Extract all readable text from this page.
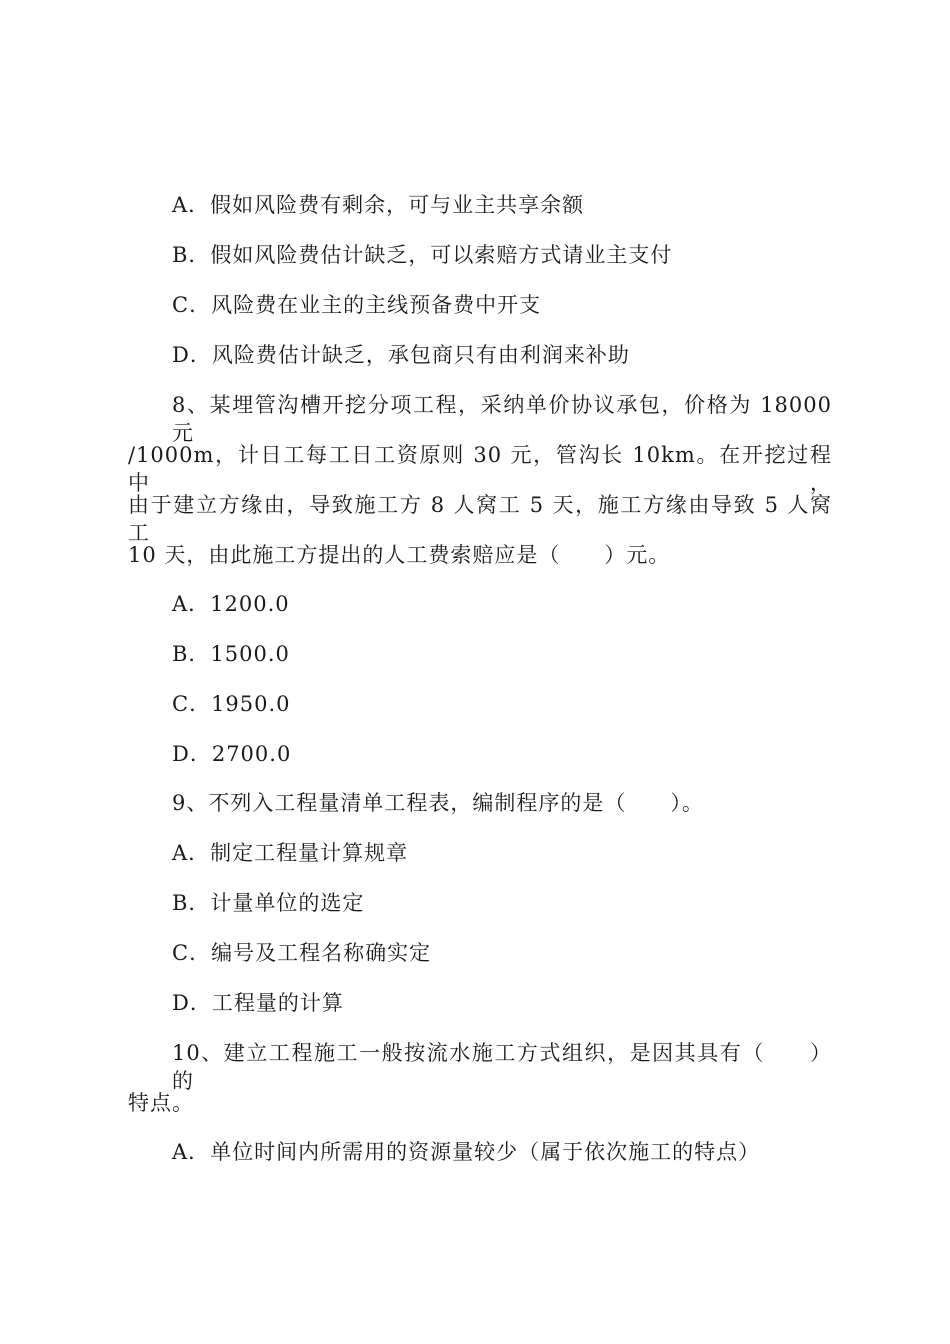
A．假如风险费有剩余，可与业主共享余额
B．假如风险费估计缺乏，可以索赔方式请业主支付
C．风险费在业主的主线预备费中开支
D．风险费估计缺乏，承包商只有由利润来补助
8、某埋管沟槽开挖分项工程，采纳单价协议承包，价格为 18000 元
/1000m，计日工每工日工资原则 30 元，管沟长 10km。在开挖过程中，
由于建立方缘由，导致施工方 8 人窝工 5 天，施工方缘由导致 5 人窝工
10 天，由此施工方提出的人工费索赔应是（　　）元。
A．1200.0
B．1500.0
C．1950.0
D．2700.0
9、不列入工程量清单工程表，编制程序的是（　　）。
A．制定工程量计算规章
B．计量单位的选定
C．编号及工程名称确实定
D．工程量的计算
10、建立工程施工一般按流水施工方式组织，是因其具有（　　）的
特点。
A．单位时间内所需用的资源量较少（属于依次施工的特点）
